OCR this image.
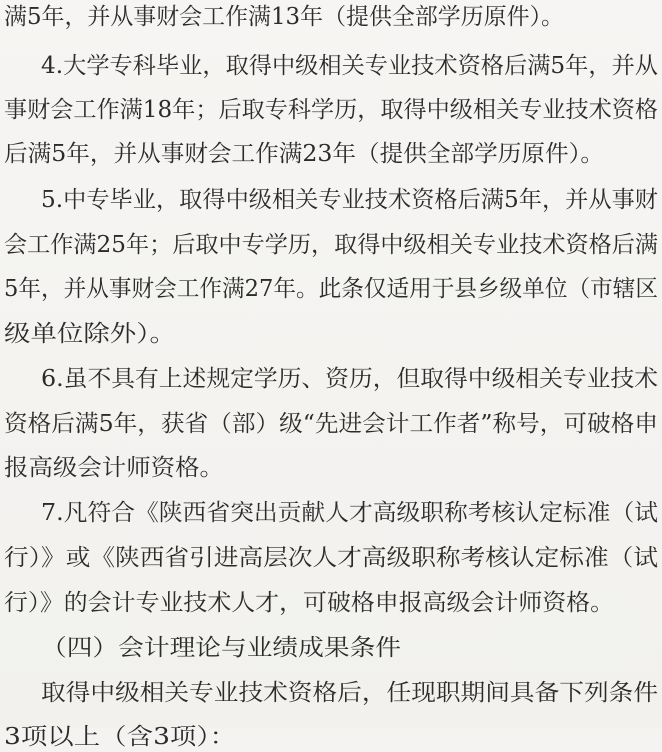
满5年，并从事财会工作满13年（提供全部学历原件）。
4.大学专科毕业，取得中级相关专业技术资格后满5年，并从
事财会工作满18年；后取专科学历，取得中级相关专业技术资格
后满5年，并从事财会工作满23年（提供全部学历原件）。
5.中专毕业，取得中级相关专业技术资格后满5年，并从事财
会工作满25年；后取中专学历，取得中级相关专业技术资格后满
5年，并从事财会工作满27年。此条仅适用于县乡级单位（市辖区
级单位除外）。
6.虽不具有上述规定学历、资历，但取得中级相关专业技术
资格后满5年，获省（部）级“先进会计工作者”称号，可破格申
报高级会计师资格。
7.凡符合《陕西省突出贡献人才高级职称考核认定标准（试
行）》或《陕西省引进高层次人才高级职称考核认定标准（试
行）》的会计专业技术人才，可破格申报高级会计师资格。
（四）会计理论与业绩成果条件
取得中级相关专业技术资格后，任现职期间具备下列条件
3项以上（含3项）：
